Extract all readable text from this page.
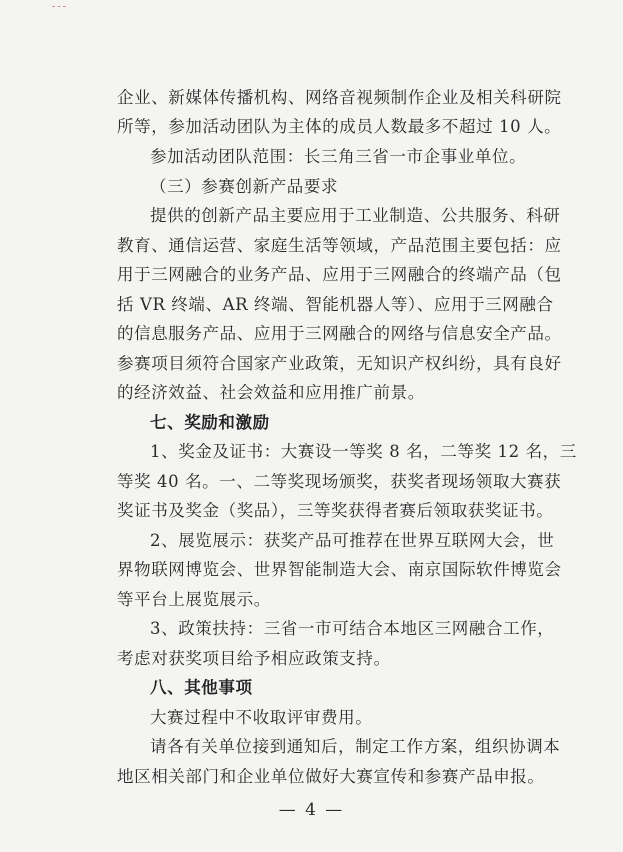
企业、新媒体传播机构、网络音视频制作企业及相关科研院
所等，参加活动团队为主体的成员人数最多不超过 10 人。
参加活动团队范围：长三角三省一市企事业单位。
（三）参赛创新产品要求
提供的创新产品主要应用于工业制造、公共服务、科研
教育、通信运营、家庭生活等领域，产品范围主要包括：应
用于三网融合的业务产品、应用于三网融合的终端产品（包
括 VR 终端、AR 终端、智能机器人等）、应用于三网融合
的信息服务产品、应用于三网融合的网络与信息安全产品。
参赛项目须符合国家产业政策，无知识产权纠纷，具有良好
的经济效益、社会效益和应用推广前景。
七、奖励和激励
1、奖金及证书：大赛设一等奖 8 名，二等奖 12 名，三
等奖 40 名。一、二等奖现场颁奖，获奖者现场领取大赛获
奖证书及奖金（奖品），三等奖获得者赛后领取获奖证书。
2、展览展示：获奖产品可推荐在世界互联网大会，世
界物联网博览会、世界智能制造大会、南京国际软件博览会
等平台上展览展示。
3、政策扶持：三省一市可结合本地区三网融合工作，
考虑对获奖项目给予相应政策支持。
八、其他事项
大赛过程中不收取评审费用。
请各有关单位接到通知后，制定工作方案，组织协调本
地区相关部门和企业单位做好大赛宣传和参赛产品申报。
— 4 —
